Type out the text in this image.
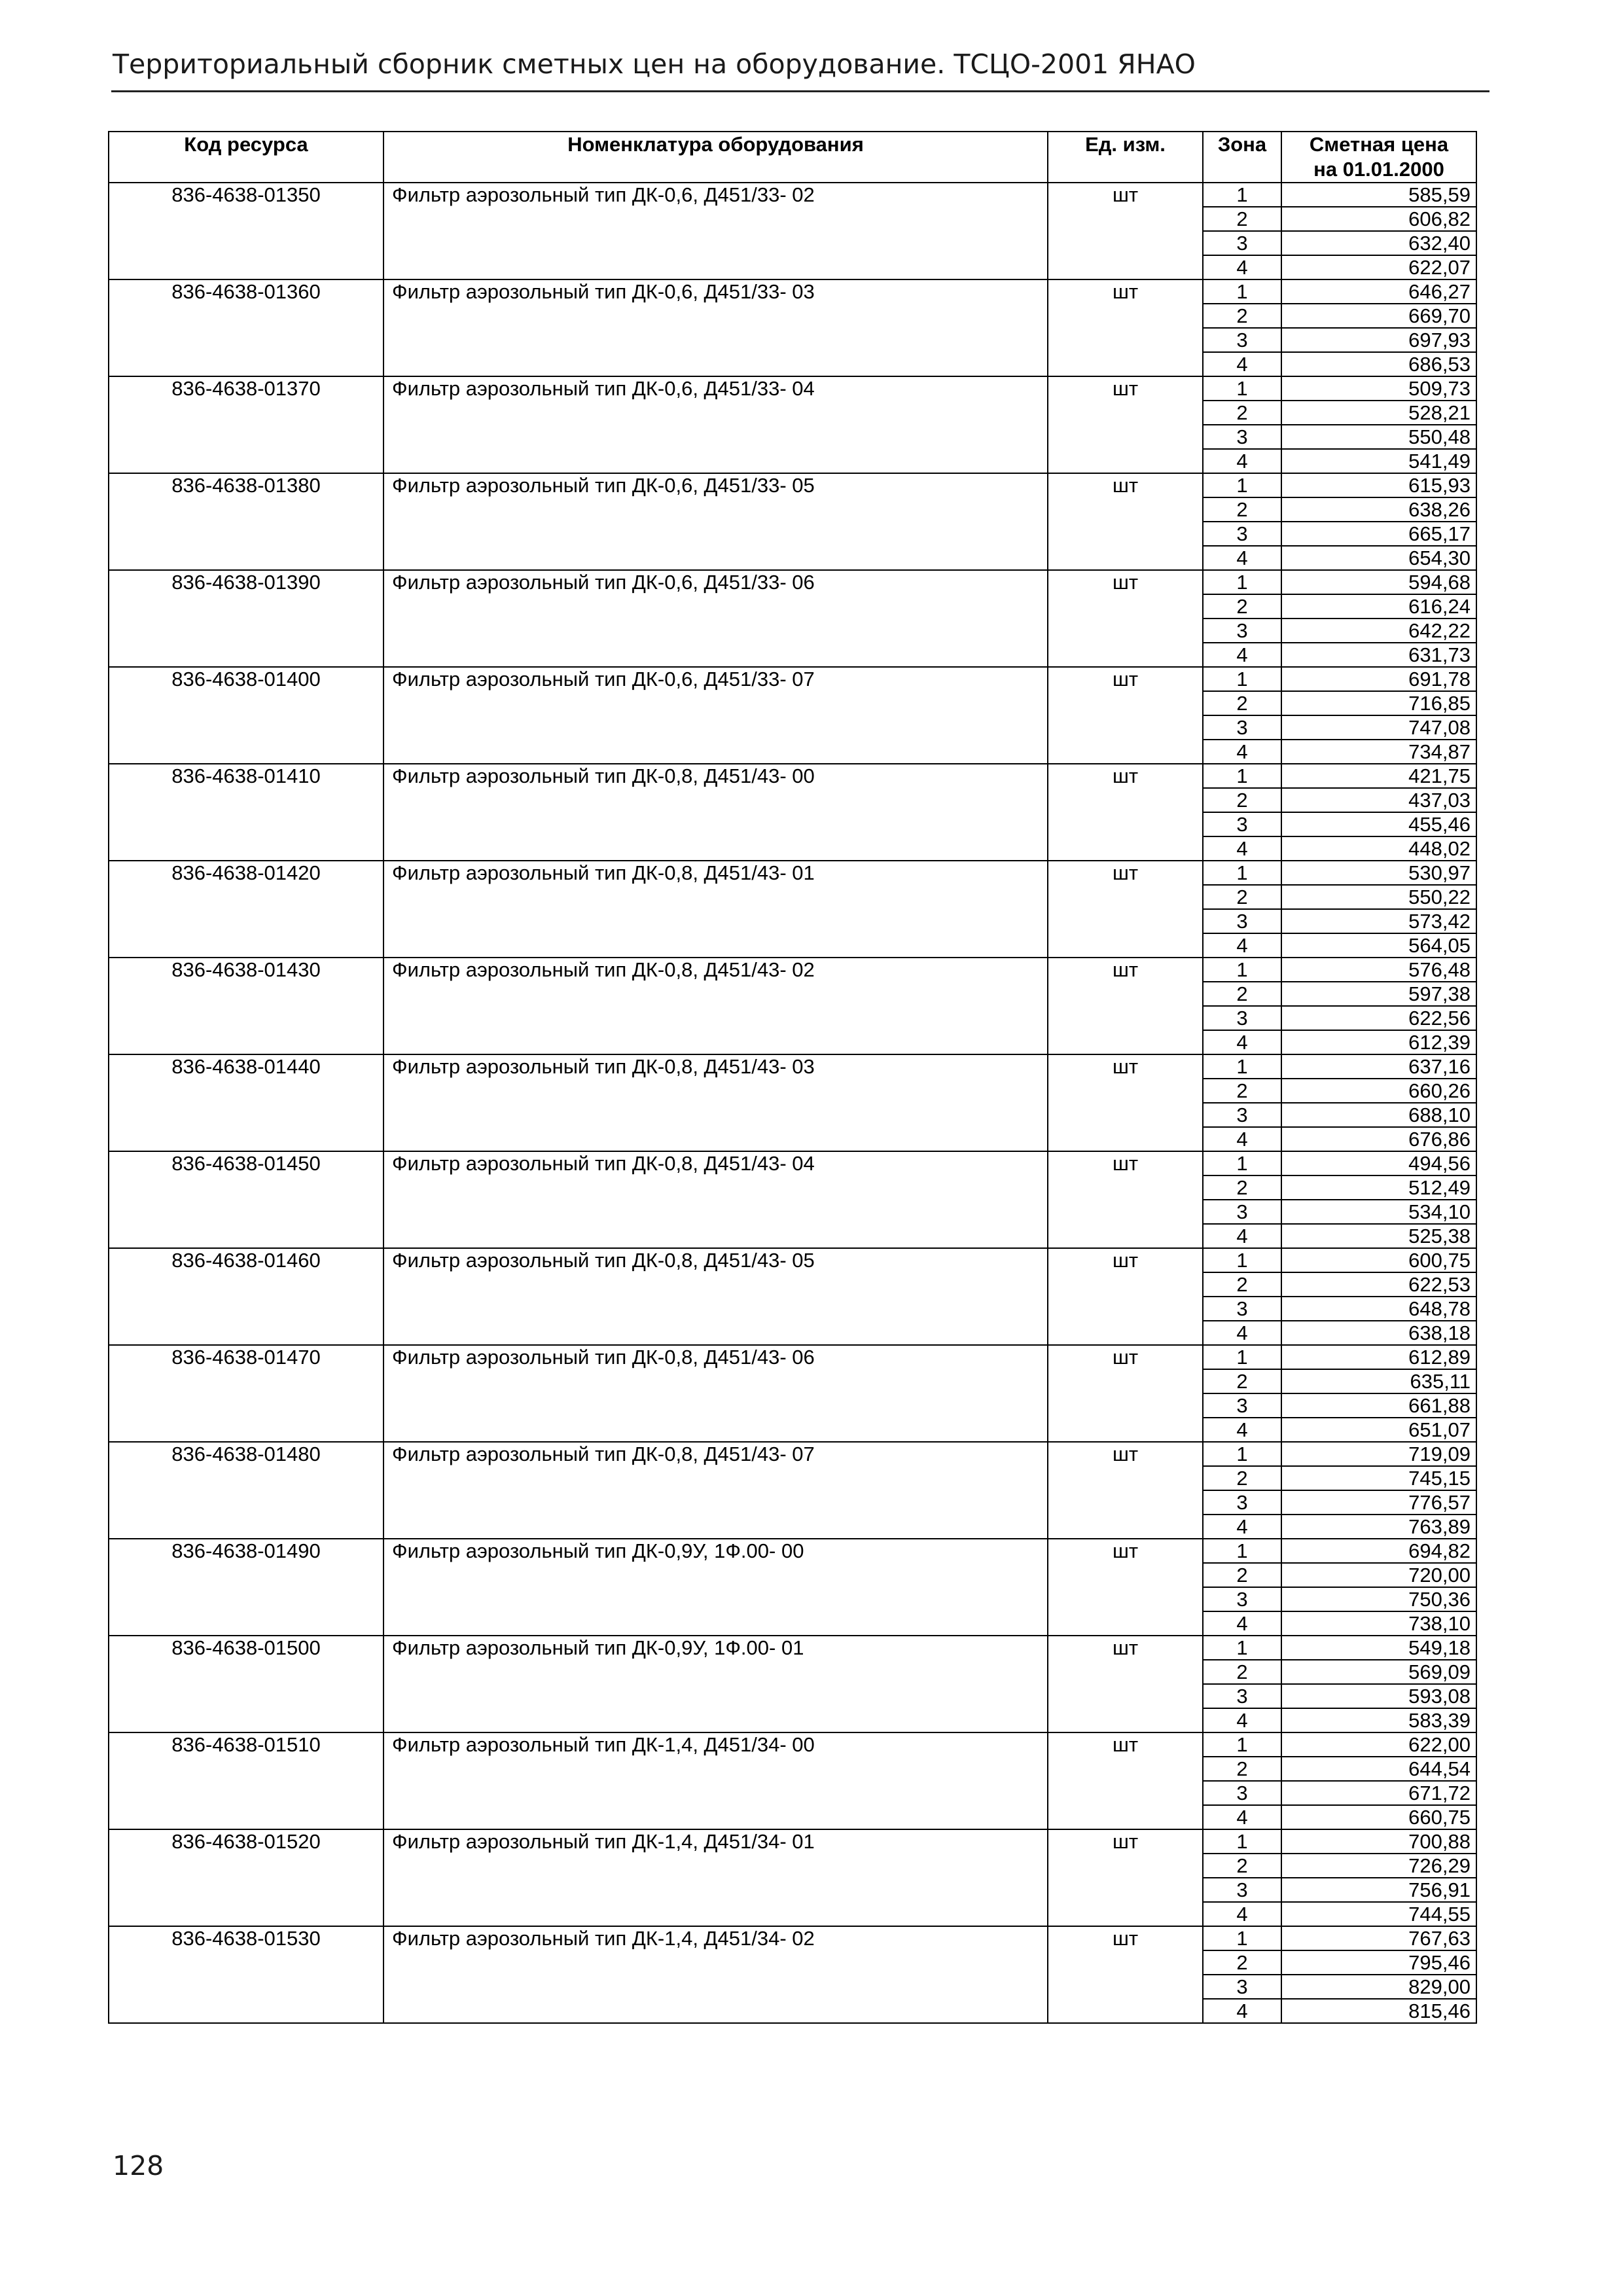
Территориальный сборник сметных цен на оборудование. ТСЦО-2001 ЯНАО
Код ресурса	Номенклатура оборудования	Ед. изм.	Зона	Сметная цена
на 01.01.2000

836-4638-01350	Фильтр аэрозольный тип ДК-0,6, Д451/33- 02	шт	1	585,59
			2	606,82
			3	632,40
			4	622,07
836-4638-01360	Фильтр аэрозольный тип ДК-0,6, Д451/33- 03	шт	1	646,27
			2	669,70
			3	697,93
			4	686,53
836-4638-01370	Фильтр аэрозольный тип ДК-0,6, Д451/33- 04	шт	1	509,73
			2	528,21
			3	550,48
			4	541,49
836-4638-01380	Фильтр аэрозольный тип ДК-0,6, Д451/33- 05	шт	1	615,93
			2	638,26
			3	665,17
			4	654,30
836-4638-01390	Фильтр аэрозольный тип ДК-0,6, Д451/33- 06	шт	1	594,68
			2	616,24
			3	642,22
			4	631,73
836-4638-01400	Фильтр аэрозольный тип ДК-0,6, Д451/33- 07	шт	1	691,78
			2	716,85
			3	747,08
			4	734,87
836-4638-01410	Фильтр аэрозольный тип ДК-0,8, Д451/43- 00	шт	1	421,75
			2	437,03
			3	455,46
			4	448,02
836-4638-01420	Фильтр аэрозольный тип ДК-0,8, Д451/43- 01	шт	1	530,97
			2	550,22
			3	573,42
			4	564,05
836-4638-01430	Фильтр аэрозольный тип ДК-0,8, Д451/43- 02	шт	1	576,48
			2	597,38
			3	622,56
			4	612,39
836-4638-01440	Фильтр аэрозольный тип ДК-0,8, Д451/43- 03	шт	1	637,16
			2	660,26
			3	688,10
			4	676,86
836-4638-01450	Фильтр аэрозольный тип ДК-0,8, Д451/43- 04	шт	1	494,56
			2	512,49
			3	534,10
			4	525,38
836-4638-01460	Фильтр аэрозольный тип ДК-0,8, Д451/43- 05	шт	1	600,75
			2	622,53
			3	648,78
			4	638,18
836-4638-01470	Фильтр аэрозольный тип ДК-0,8, Д451/43- 06	шт	1	612,89
			2	635,11
			3	661,88
			4	651,07
836-4638-01480	Фильтр аэрозольный тип ДК-0,8, Д451/43- 07	шт	1	719,09
			2	745,15
			3	776,57
			4	763,89
836-4638-01490	Фильтр аэрозольный тип ДК-0,9У, 1Ф.00- 00	шт	1	694,82
			2	720,00
			3	750,36
			4	738,10
836-4638-01500	Фильтр аэрозольный тип ДК-0,9У, 1Ф.00- 01	шт	1	549,18
			2	569,09
			3	593,08
			4	583,39
836-4638-01510	Фильтр аэрозольный тип ДК-1,4, Д451/34- 00	шт	1	622,00
			2	644,54
			3	671,72
			4	660,75
836-4638-01520	Фильтр аэрозольный тип ДК-1,4, Д451/34- 01	шт	1	700,88
			2	726,29
			3	756,91
			4	744,55
836-4638-01530	Фильтр аэрозольный тип ДК-1,4, Д451/34- 02	шт	1	767,63
			2	795,46
			3	829,00
			4	815,46
128
